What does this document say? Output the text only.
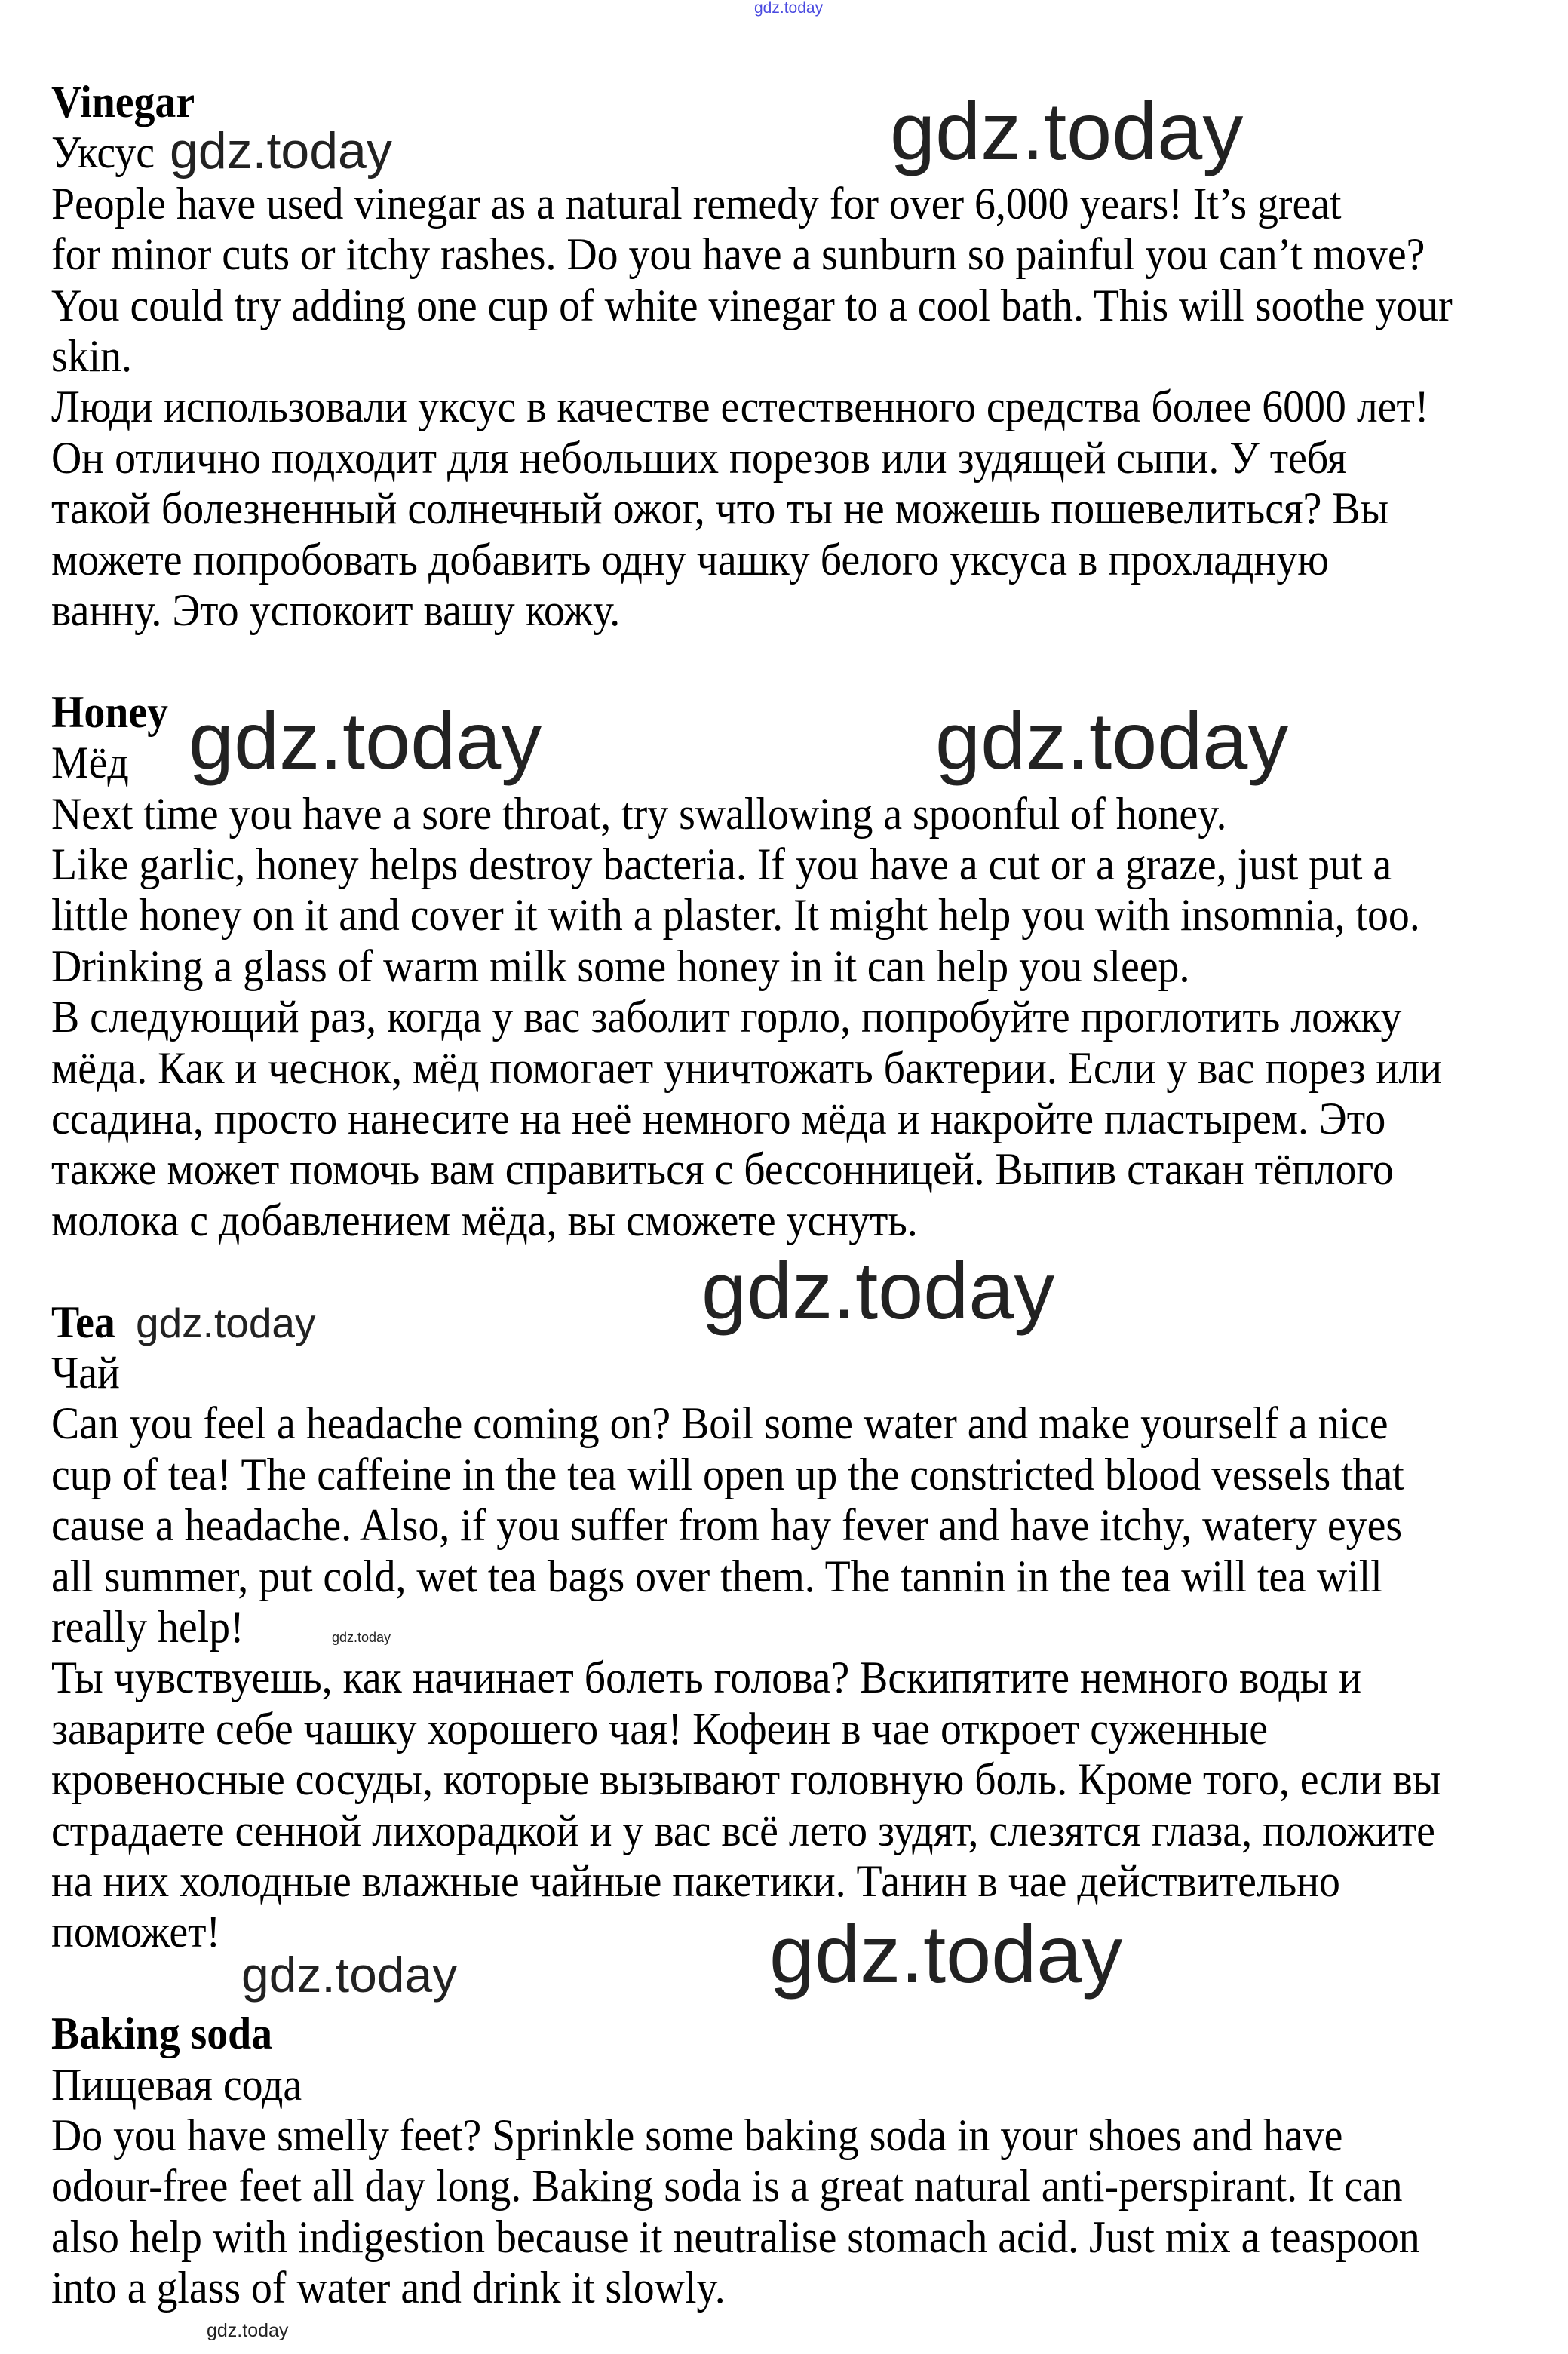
Vinegar
Уксус
People have used vinegar as a natural remedy for over 6,000 years! It’s great
for minor cuts or itchy rashes. Do you have a sunburn so painful you can’t move?
You could try adding one cup of white vinegar to a cool bath. This will soothe your
skin.
Люди использовали уксус в качестве естественного средства более 6000 лет!
Он отлично подходит для небольших порезов или зудящей сыпи. У тебя
такой болезненный солнечный ожог, что ты не можешь пошевелиться? Вы
можете попробовать добавить одну чашку белого уксуса в прохладную
ванну. Это успокоит вашу кожу.
Honey
Мёд
Next time you have a sore throat, try swallowing a spoonful of honey.
Like garlic, honey helps destroy bacteria. If you have a cut or a graze, just put a
little honey on it and cover it with a plaster. It might help you with insomnia, too.
Drinking a glass of warm milk some honey in it can help you sleep.
В следующий раз, когда у вас заболит горло, попробуйте проглотить ложку
мёда. Как и чеснок, мёд помогает уничтожать бактерии. Если у вас порез или
ссадина, просто нанесите на неё немного мёда и накройте пластырем. Это
также может помочь вам справиться с бессонницей. Выпив стакан тёплого
молока с добавлением мёда, вы сможете уснуть.
Tea
Чай
Can you feel a headache coming on? Boil some water and make yourself a nice
cup of tea! The caffeine in the tea will open up the constricted blood vessels that
cause a headache. Also, if you suffer from hay fever and have itchy, watery eyes
all summer, put cold, wet tea bags over them. The tannin in the tea will tea will
really help!
Ты чувствуешь, как начинает болеть голова? Вскипятите немного воды и
заварите себе чашку хорошего чая! Кофеин в чае откроет суженные
кровеносные сосуды, которые вызывают головную боль. Кроме того, если вы
страдаете сенной лихорадкой и у вас всё лето зудят, слезятся глаза, положите
на них холодные влажные чайные пакетики. Танин в чае действительно
поможет!
Baking soda
Пищевая сода
Do you have smelly feet? Sprinkle some baking soda in your shoes and have
odour-free feet all day long. Baking soda is a great natural anti-perspirant. It can
also help with indigestion because it neutralise stomach acid. Just mix a teaspoon
into a glass of water and drink it slowly.
gdz.today
gdz.today	gdz.today
gdz.today	gdz.today
gdz.today
gdz.today
gdz.today
gdz.today
gdz.today
gdz.today
